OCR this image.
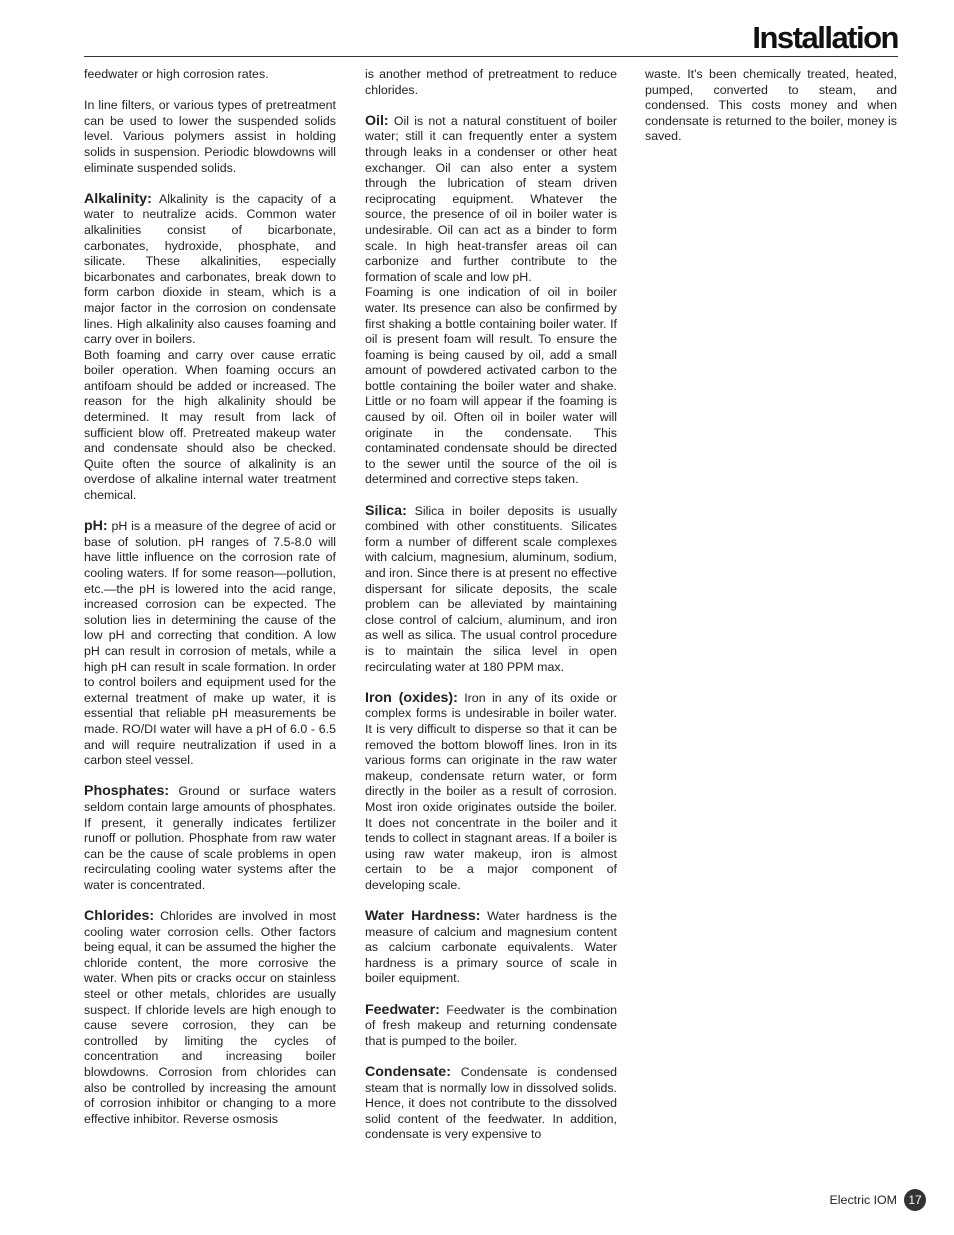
Installation

feedwater or high corrosion rates.

In line filters, or various types of pretreatment can be used to lower the suspended solids level. Various polymers assist in holding solids in suspension. Periodic blowdowns will eliminate suspended solids.

Alkalinity: Alkalinity is the capacity of a water to neutralize acids. Common water alkalinities consist of bicarbonate, carbonates, hydroxide, phosphate, and silicate. These alkalinities, especially bicarbonates and carbonates, break down to form carbon dioxide in steam, which is a major factor in the corrosion on condensate lines. High alkalinity also causes foaming and carry over in boilers.

Both foaming and carry over cause erratic boiler operation. When foaming occurs an antifoam should be added or increased. The reason for the high alkalinity should be determined. It may result from lack of sufficient blow off. Pretreated makeup water and condensate should also be checked. Quite often the source of alkalinity is an overdose of alkaline internal water treatment chemical.

pH: pH is a measure of the degree of acid or base of solution. pH ranges of 7.5-8.0 will have little influence on the corrosion rate of cooling waters. If for some reason—pollution, etc.—the pH is lowered into the acid range, increased corrosion can be expected. The solution lies in determining the cause of the low pH and correcting that condition. A low pH can result in corrosion of metals, while a high pH can result in scale formation. In order to control boilers and equipment used for the external treatment of make up water, it is essential that reliable pH measurements be made. RO/DI water will have a pH of 6.0 - 6.5 and will require neutralization if used in a carbon steel vessel.

Phosphates: Ground or surface waters seldom contain large amounts of phosphates. If present, it generally indicates fertilizer runoff or pollution. Phosphate from raw water can be the cause of scale problems in open recirculating cooling water systems after the water is concentrated.

Chlorides: Chlorides are involved in most cooling water corrosion cells. Other factors being equal, it can be assumed the higher the chloride content, the more corrosive the water. When pits or cracks occur on stainless steel or other metals, chlorides are usually suspect. If chloride levels are high enough to cause severe corrosion, they can be controlled by limiting the cycles of concentration and increasing boiler blowdowns. Corrosion from chlorides can also be controlled by increasing the amount of corrosion inhibitor or changing to a more effective inhibitor. Reverse osmosis

is another method of pretreatment to reduce chlorides.

Oil: Oil is not a natural constituent of boiler water; still it can frequently enter a system through leaks in a condenser or other heat exchanger. Oil can also enter a system through the lubrication of steam driven reciprocating equipment. Whatever the source, the presence of oil in boiler water is undesirable. Oil can act as a binder to form scale. In high heat-transfer areas oil can carbonize and further contribute to the formation of scale and low pH.

Foaming is one indication of oil in boiler water. Its presence can also be confirmed by first shaking a bottle containing boiler water. If oil is present foam will result. To ensure the foaming is being caused by oil, add a small amount of powdered activated carbon to the bottle containing the boiler water and shake. Little or no foam will appear if the foaming is caused by oil. Often oil in boiler water will originate in the condensate. This contaminated condensate should be directed to the sewer until the source of the oil is determined and corrective steps taken.

Silica: Silica in boiler deposits is usually combined with other constituents. Silicates form a number of different scale complexes with calcium, magnesium, aluminum, sodium, and iron. Since there is at present no effective dispersant for silicate deposits, the scale problem can be alleviated by maintaining close control of calcium, aluminum, and iron as well as silica. The usual control procedure is to maintain the silica level in open recirculating water at 180 PPM max.

Iron (oxides): Iron in any of its oxide or complex forms is undesirable in boiler water. It is very difficult to disperse so that it can be removed the bottom blowoff lines. Iron in its various forms can originate in the raw water makeup, condensate return water, or form directly in the boiler as a result of corrosion. Most iron oxide originates outside the boiler. It does not concentrate in the boiler and it tends to collect in stagnant areas. If a boiler is using raw water makeup, iron is almost certain to be a major component of developing scale.

Water Hardness: Water hardness is the measure of calcium and magnesium content as calcium carbonate equivalents. Water hardness is a primary source of scale in boiler equipment.

Feedwater: Feedwater is the combination of fresh makeup and returning condensate that is pumped to the boiler.

Condensate: Condensate is condensed steam that is normally low in dissolved solids. Hence, it does not contribute to the dissolved solid content of the feedwater. In addition, condensate is very expensive to

waste. It's been chemically treated, heated, pumped, converted to steam, and condensed. This costs money and when condensate is returned to the boiler, money is saved.

Electric IOM 17
